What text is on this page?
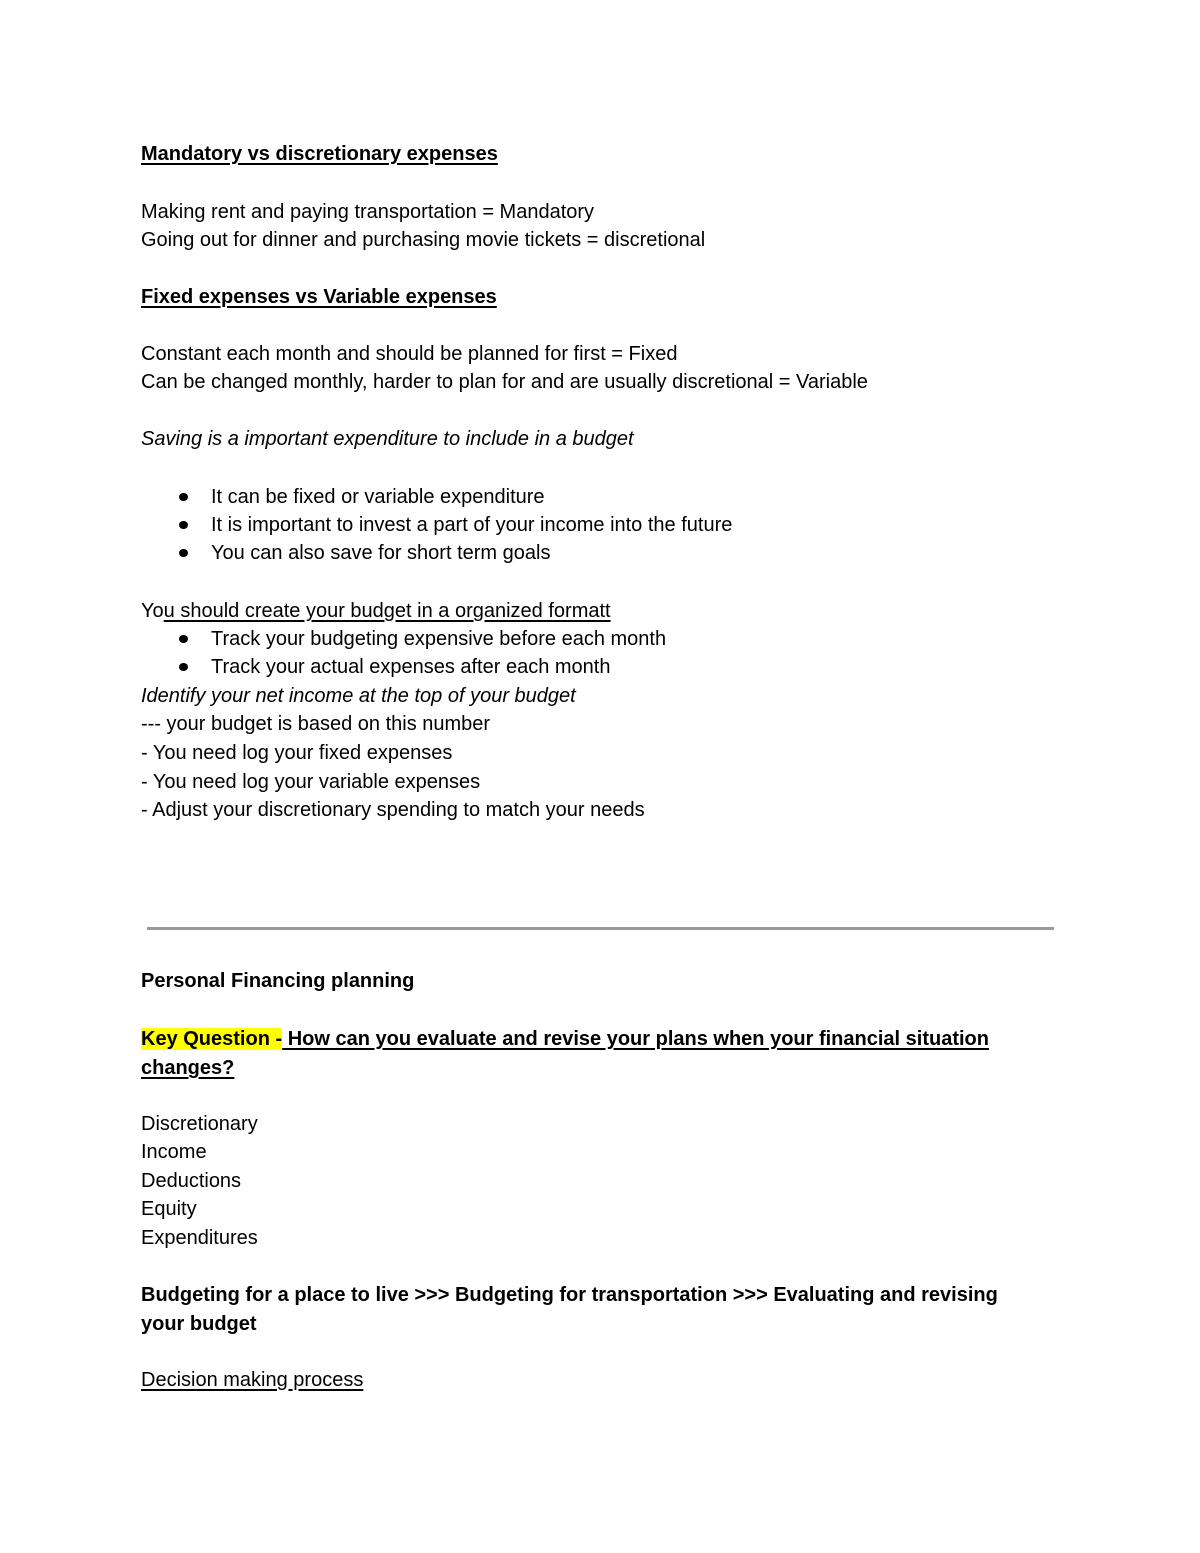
Mandatory vs discretionary expenses
Making rent and paying transportation = Mandatory
Going out for dinner and purchasing movie tickets = discretional
Fixed expenses vs Variable expenses
Constant each month and should be planned for first = Fixed
Can be changed monthly, harder to plan for and are usually discretional = Variable
Saving is a important expenditure to include in a budget
It can be fixed or variable expenditure
It is important to invest a part of your income into the future
You can also save for short term goals
You should create your budget in a organized formatt
Track your budgeting expensive before each month
Track your actual expenses after each month
Identify your net income at the top of your budget
--- your budget is based on this number
- You need log your fixed expenses
- You need log your variable expenses
- Adjust your discretionary spending to match your needs
Personal Financing planning
Key Question - How can you evaluate and revise your plans when your financial situation changes?
Discretionary
Income
Deductions
Equity
Expenditures
Budgeting for a place to live >>> Budgeting for transportation >>> Evaluating and revising your budget
Decision making process
